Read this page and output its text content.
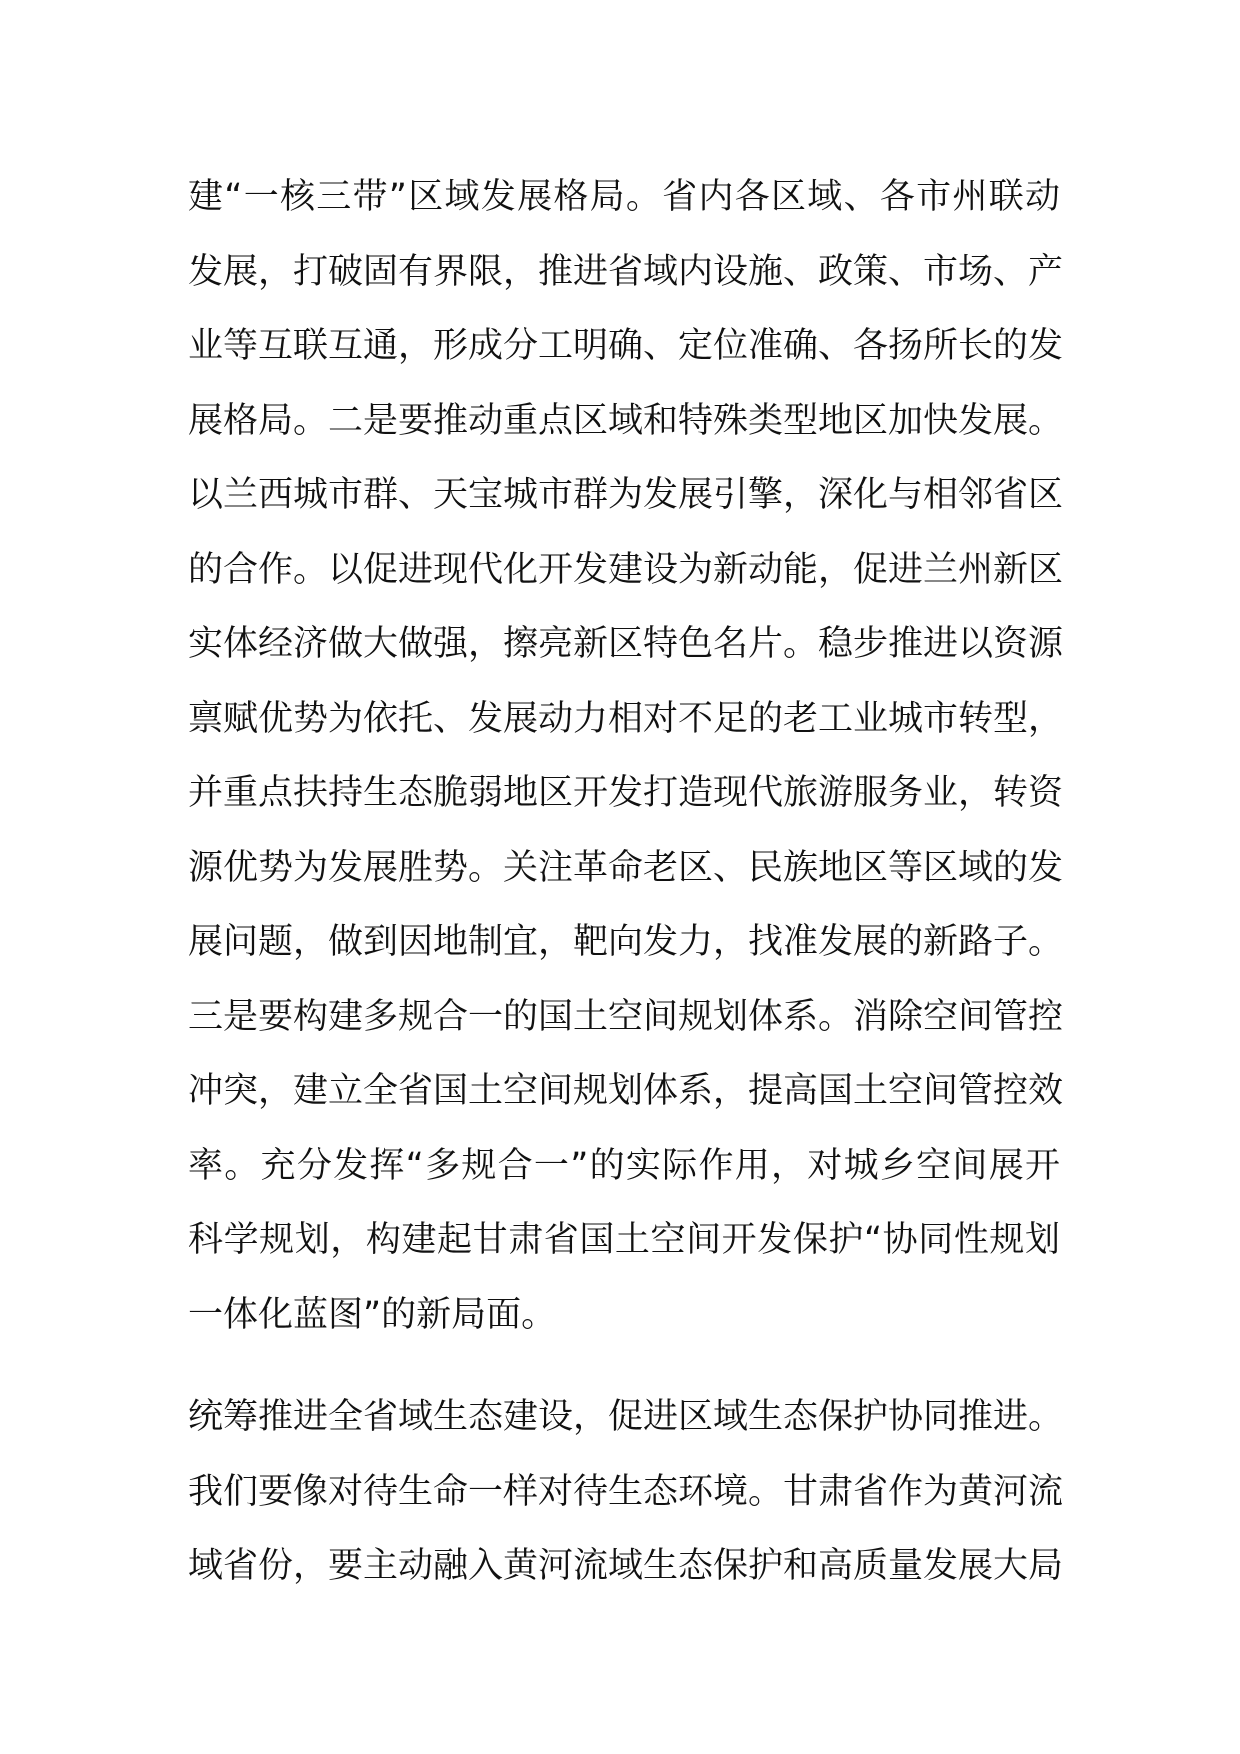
建“一核三带”区域发展格局。省内各区域、各市州联动
发展，打破固有界限，推进省域内设施、政策、市场、产
业等互联互通，形成分工明确、定位准确、各扬所长的发
展格局。二是要推动重点区域和特殊类型地区加快发展。
以兰西城市群、天宝城市群为发展引擎，深化与相邻省区
的合作。以促进现代化开发建设为新动能，促进兰州新区
实体经济做大做强，擦亮新区特色名片。稳步推进以资源
禀赋优势为依托、发展动力相对不足的老工业城市转型，
并重点扶持生态脆弱地区开发打造现代旅游服务业，转资
源优势为发展胜势。关注革命老区、民族地区等区域的发
展问题，做到因地制宜，靶向发力，找准发展的新路子。
三是要构建多规合一的国土空间规划体系。消除空间管控
冲突，建立全省国土空间规划体系，提高国土空间管控效
率。充分发挥“多规合一”的实际作用，对城乡空间展开
科学规划，构建起甘肃省国土空间开发保护“协同性规划
一体化蓝图”的新局面。
统筹推进全省域生态建设，促进区域生态保护协同推进。
我们要像对待生命一样对待生态环境。甘肃省作为黄河流
域省份，要主动融入黄河流域生态保护和高质量发展大局
